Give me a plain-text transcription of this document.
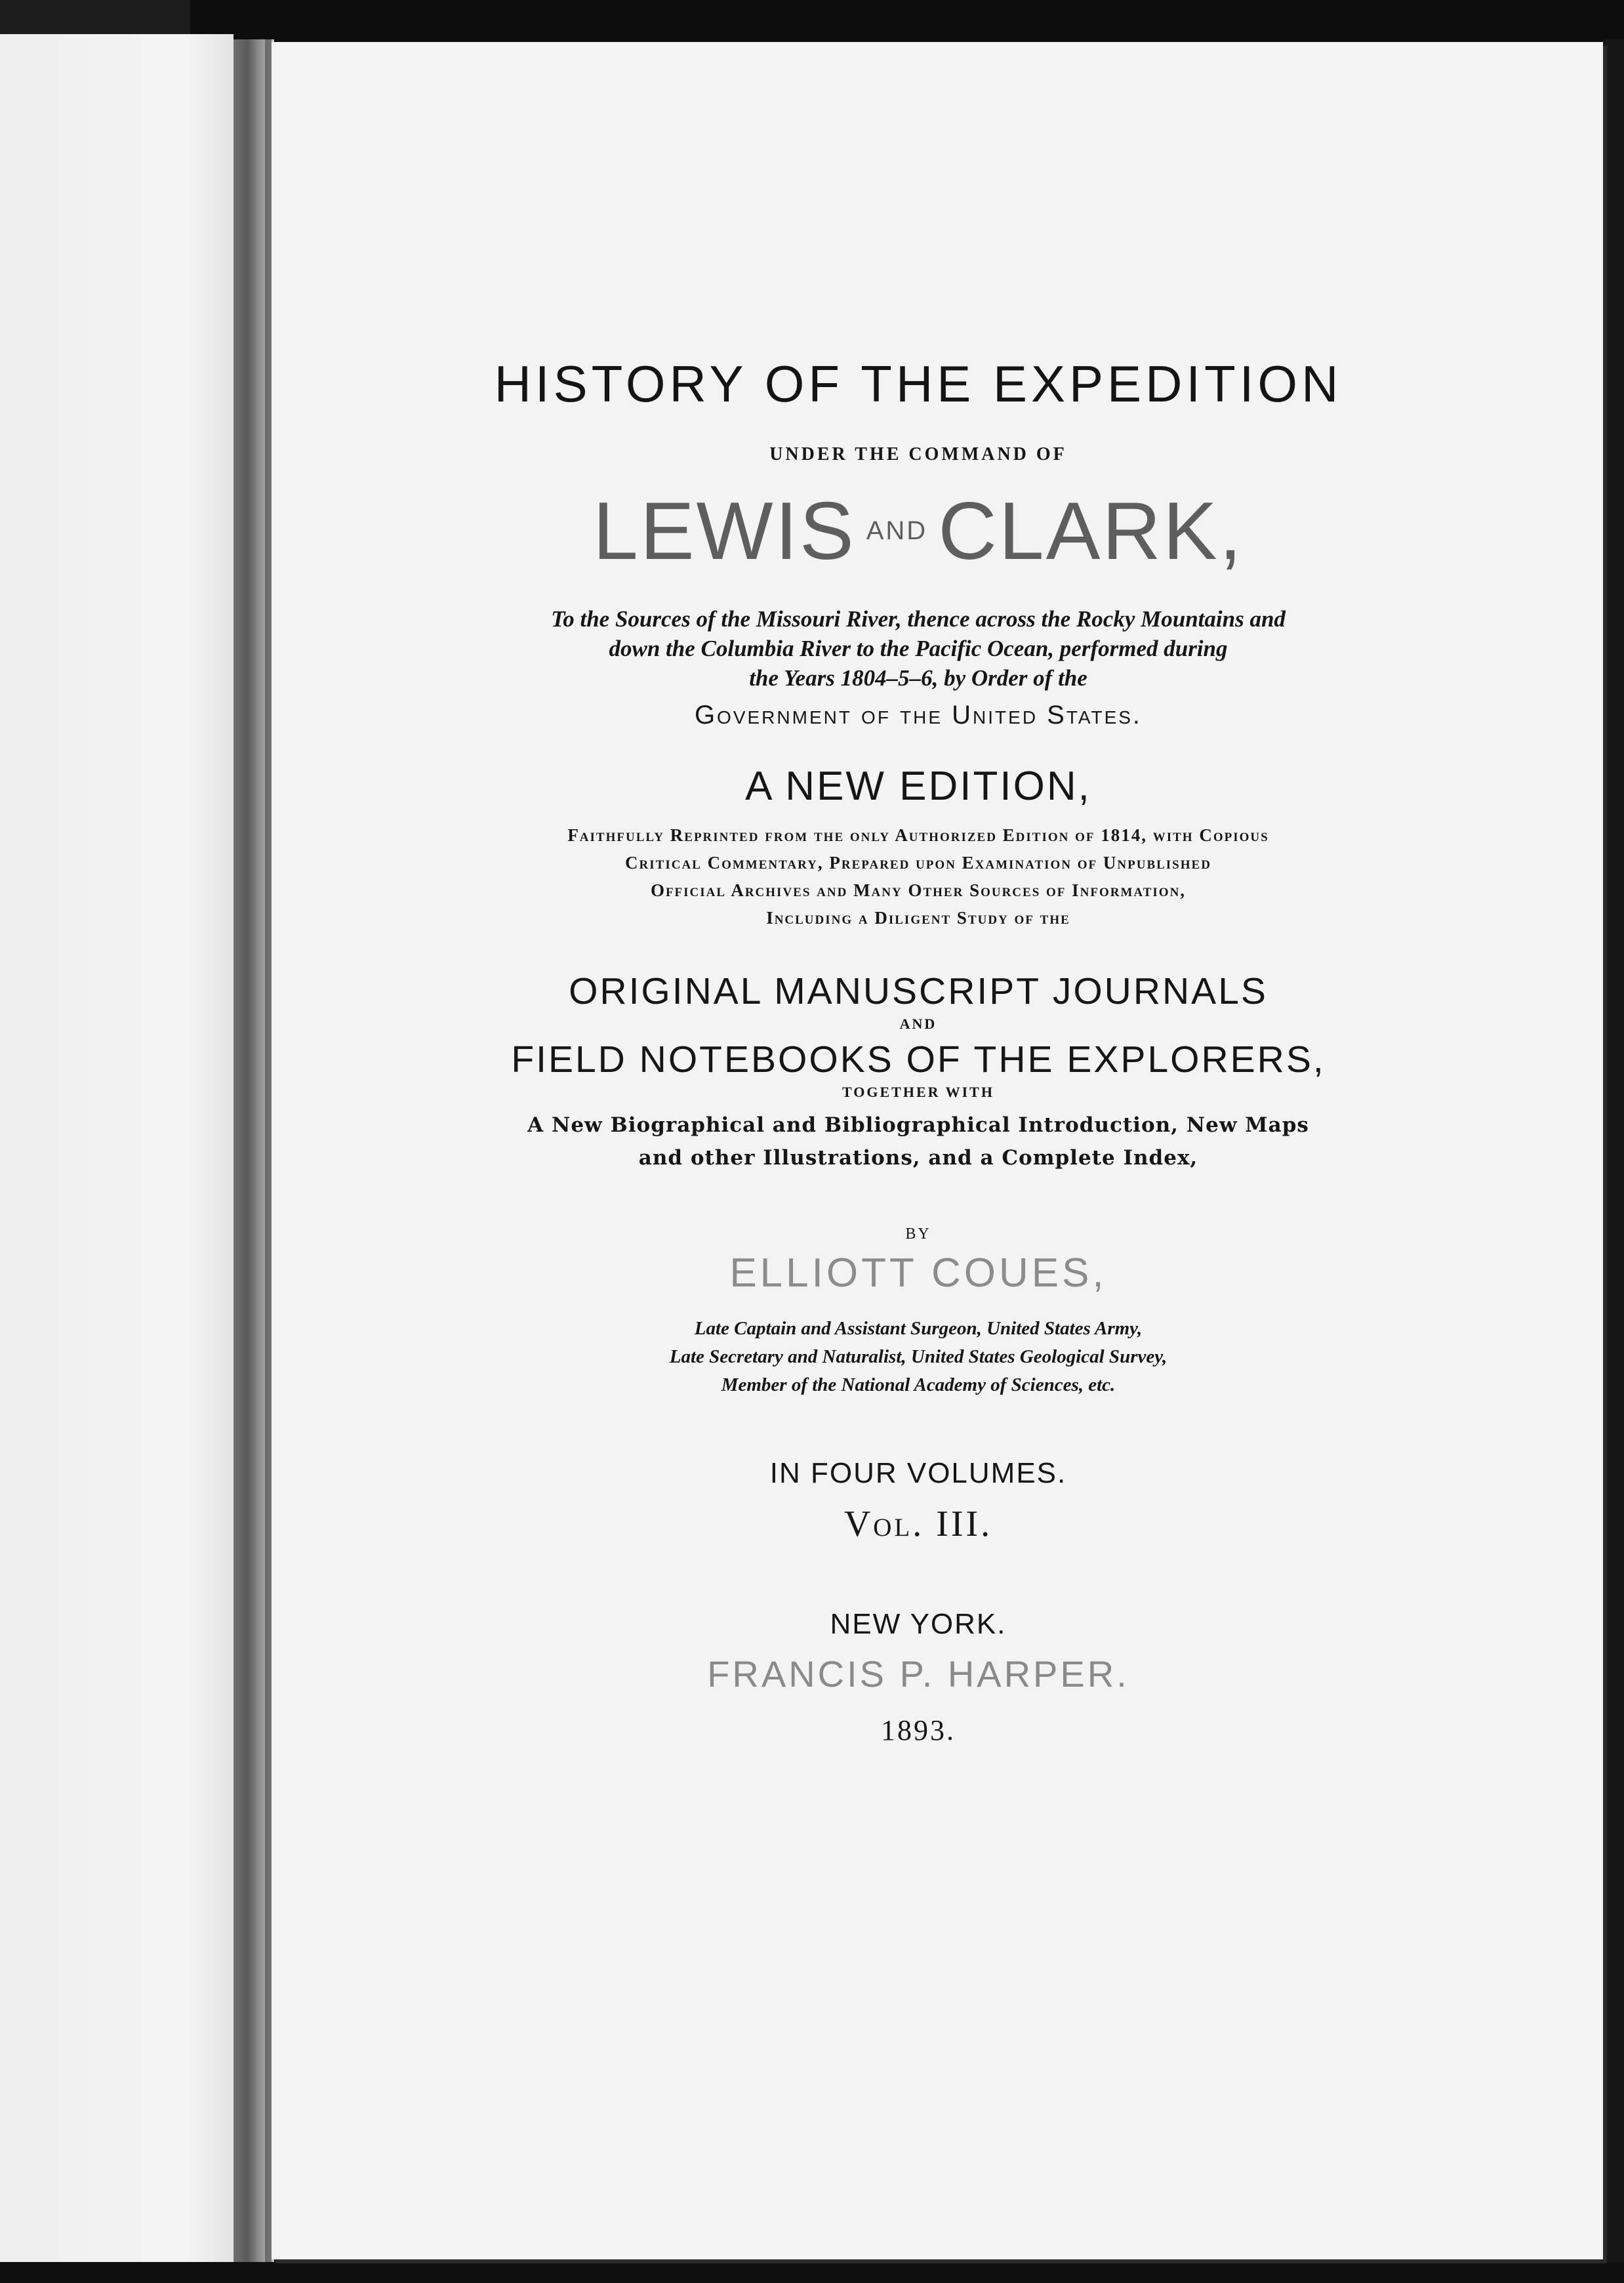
HISTORY OF THE EXPEDITION
UNDER THE COMMAND OF
LEWIS AND CLARK,
To the Sources of the Missouri River, thence across the Rocky Mountains and
down the Columbia River to the Pacific Ocean, performed during
the Years 1804–5–6, by Order of the
Government of the United States.
A NEW EDITION,
Faithfully Reprinted from the only Authorized Edition of 1814, with Copious
Critical Commentary, Prepared upon Examination of Unpublished
Official Archives and Many Other Sources of Information,
Including a Diligent Study of the
ORIGINAL MANUSCRIPT JOURNALS
AND
FIELD NOTEBOOKS OF THE EXPLORERS,
TOGETHER WITH
A New Biographical and Bibliographical Introduction, New Maps
and other Illustrations, and a Complete Index,
BY
ELLIOTT COUES,
Late Captain and Assistant Surgeon, United States Army,
Late Secretary and Naturalist, United States Geological Survey,
Member of the National Academy of Sciences, etc.
IN FOUR VOLUMES.
Vol. III.
NEW YORK.
FRANCIS P. HARPER.
1893.
